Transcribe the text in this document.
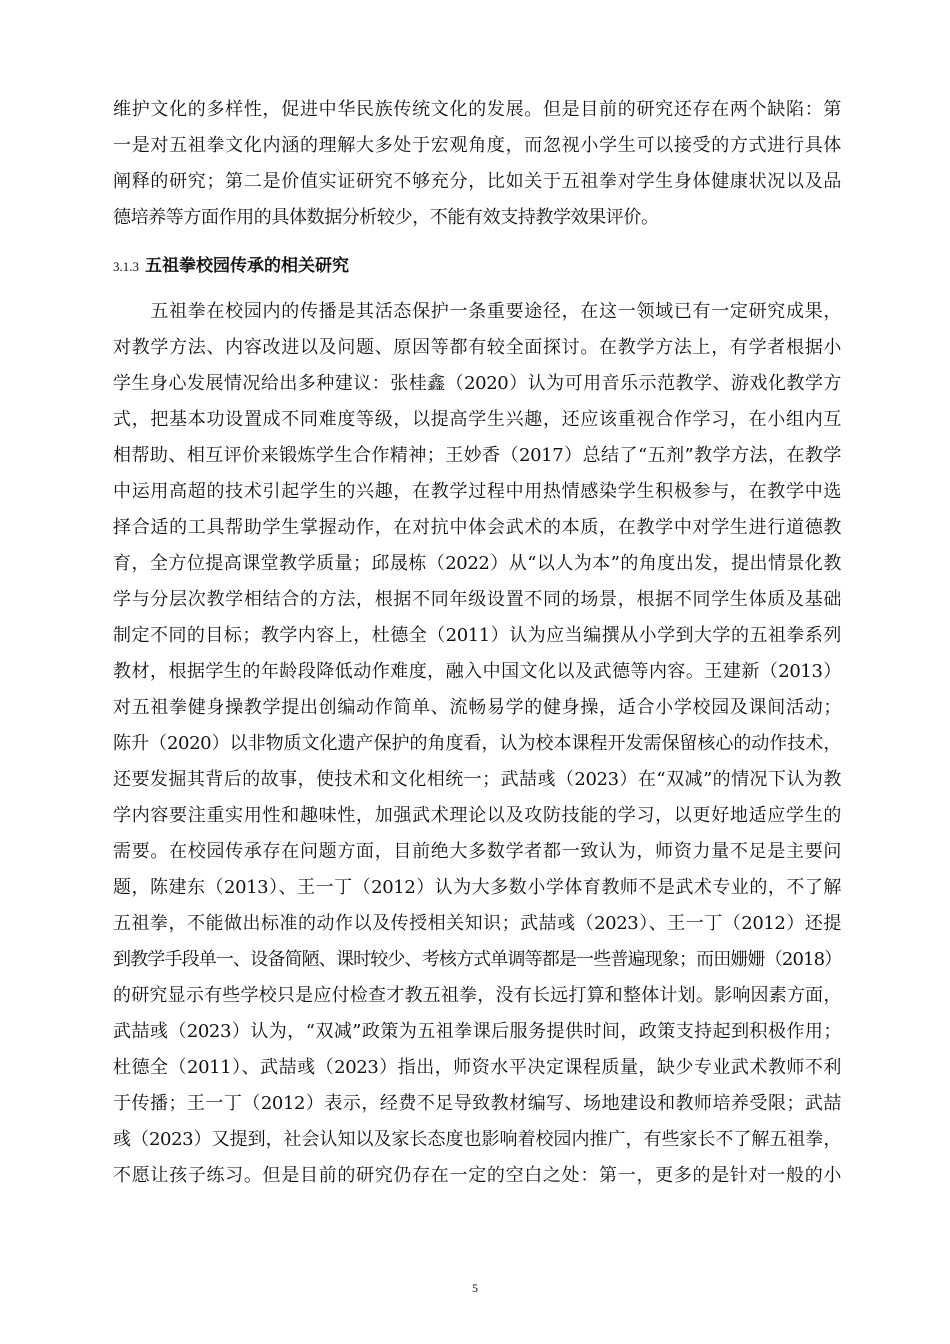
维护文化的多样性，促进中华民族传统文化的发展。但是目前的研究还存在两个缺陷：第
一是对五祖拳文化内涵的理解大多处于宏观角度，而忽视小学生可以接受的方式进行具体
阐释的研究；第二是价值实证研究不够充分，比如关于五祖拳对学生身体健康状况以及品
德培养等方面作用的具体数据分析较少，不能有效支持教学效果评价。
3.1.3 五祖拳校园传承的相关研究
　　五祖拳在校园内的传播是其活态保护一条重要途径，在这一领域已有一定研究成果，
对教学方法、内容改进以及问题、原因等都有较全面探讨。在教学方法上，有学者根据小
学生身心发展情况给出多种建议：张桂鑫（2020）认为可用音乐示范教学、游戏化教学方
式，把基本功设置成不同难度等级，以提高学生兴趣，还应该重视合作学习，在小组内互
相帮助、相互评价来锻炼学生合作精神；王妙香（2017）总结了“五剂”教学方法，在教学
中运用高超的技术引起学生的兴趣，在教学过程中用热情感染学生积极参与，在教学中选
择合适的工具帮助学生掌握动作，在对抗中体会武术的本质，在教学中对学生进行道德教
育，全方位提高课堂教学质量；邱晟栋（2022）从“以人为本”的角度出发，提出情景化教
学与分层次教学相结合的方法，根据不同年级设置不同的场景，根据不同学生体质及基础
制定不同的目标；教学内容上，杜德全（2011）认为应当编撰从小学到大学的五祖拳系列
教材，根据学生的年龄段降低动作难度，融入中国文化以及武德等内容。王建新（2013）
对五祖拳健身操教学提出创编动作简单、流畅易学的健身操，适合小学校园及课间活动；
陈升（2020）以非物质文化遗产保护的角度看，认为校本课程开发需保留核心的动作技术，
还要发掘其背后的故事，使技术和文化相统一；武喆彧（2023）在“双减”的情况下认为教
学内容要注重实用性和趣味性，加强武术理论以及攻防技能的学习，以更好地适应学生的
需要。在校园传承存在问题方面，目前绝大多数学者都一致认为，师资力量不足是主要问
题，陈建东（2013）、王一丁（2012）认为大多数小学体育教师不是武术专业的，不了解
五祖拳，不能做出标准的动作以及传授相关知识；武喆彧（2023）、王一丁（2012）还提
到教学手段单一、设备简陋、课时较少、考核方式单调等都是一些普遍现象；而田姗姗（2018）
的研究显示有些学校只是应付检查才教五祖拳，没有长远打算和整体计划。影响因素方面，
武喆彧（2023）认为，“双减”政策为五祖拳课后服务提供时间，政策支持起到积极作用；
杜德全（2011）、武喆彧（2023）指出，师资水平决定课程质量，缺少专业武术教师不利
于传播；王一丁（2012）表示，经费不足导致教材编写、场地建设和教师培养受限；武喆
彧（2023）又提到，社会认知以及家长态度也影响着校园内推广，有些家长不了解五祖拳，
不愿让孩子练习。但是目前的研究仍存在一定的空白之处：第一，更多的是针对一般的小
5
